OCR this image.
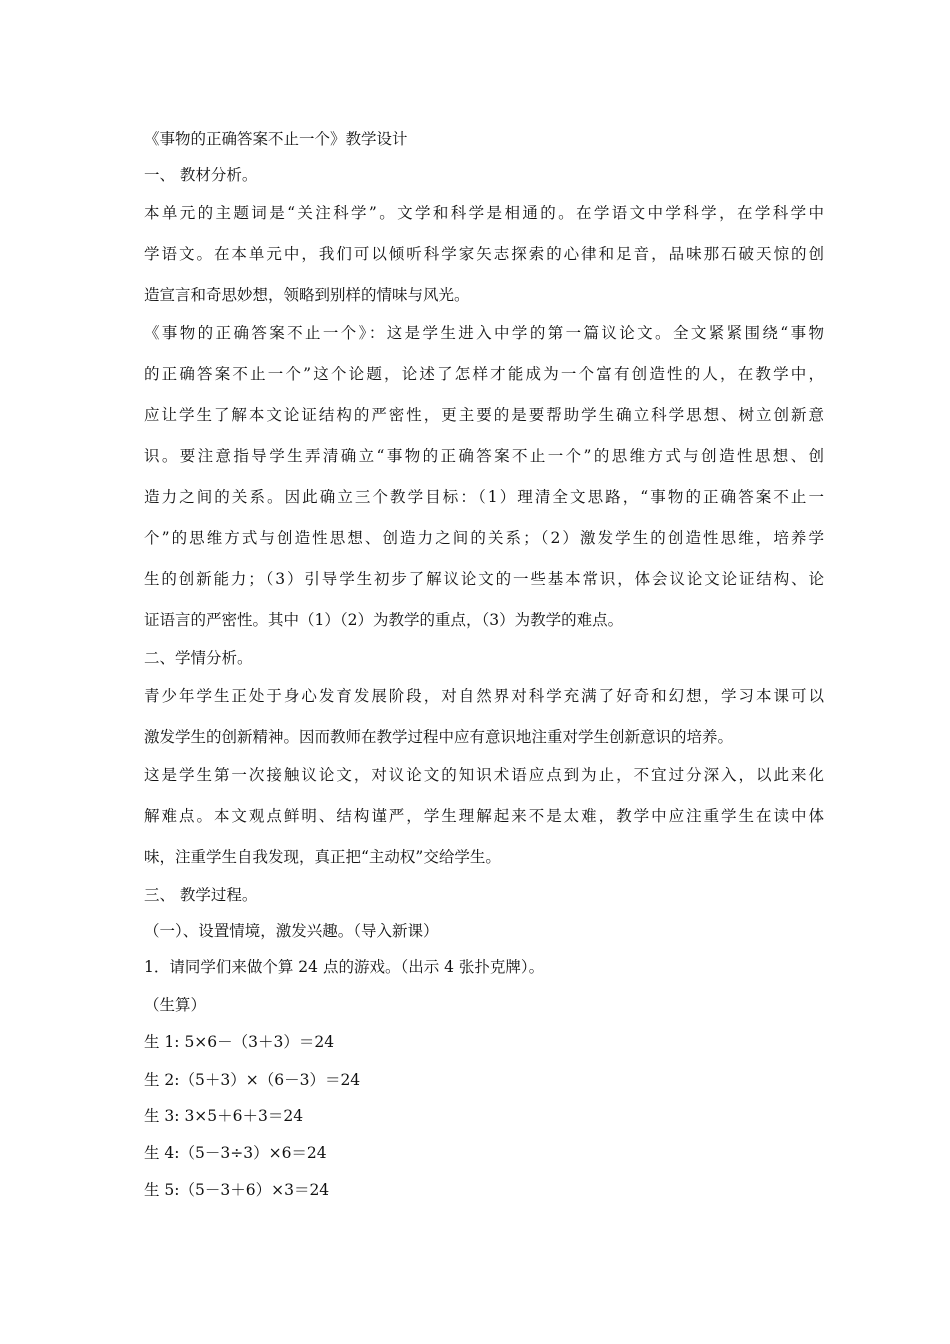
《事物的正确答案不止一个》教学设计
一、 教材分析。
本单元的主题词是“关注科学”。文学和科学是相通的。在学语文中学科学，在学科学中
学语文。在本单元中，我们可以倾听科学家矢志探索的心律和足音，品味那石破天惊的创
造宣言和奇思妙想，领略到别样的情味与风光。
《事物的正确答案不止一个》：这是学生进入中学的第一篇议论文。全文紧紧围绕“事物
的正确答案不止一个”这个论题，论述了怎样才能成为一个富有创造性的人，在教学中，
应让学生了解本文论证结构的严密性，更主要的是要帮助学生确立科学思想、树立创新意
识。要注意指导学生弄清确立“事物的正确答案不止一个”的思维方式与创造性思想、创
造力之间的关系。因此确立三个教学目标：（1）理清全文思路，“事物的正确答案不止一
个”的思维方式与创造性思想、创造力之间的关系；（2）激发学生的创造性思维，培养学
生的创新能力；（3）引导学生初步了解议论文的一些基本常识，体会议论文论证结构、论
证语言的严密性。其中（1）（2）为教学的重点，（3）为教学的难点。
二、学情分析。
青少年学生正处于身心发育发展阶段，对自然界对科学充满了好奇和幻想，学习本课可以
激发学生的创新精神。因而教师在教学过程中应有意识地注重对学生创新意识的培养。
这是学生第一次接触议论文，对议论文的知识术语应点到为止，不宜过分深入，以此来化
解难点。本文观点鲜明、结构谨严，学生理解起来不是太难，教学中应注重学生在读中体
味，注重学生自我发现，真正把“主动权”交给学生。
三、 教学过程。
（一）、设置情境，激发兴趣。（导入新课）
1．请同学们来做个算 24 点的游戏。（出示 4 张扑克牌）。
（生算）
生 1: 5×6－（3＋3）＝24
生 2:（5＋3）×（6－3）＝24
生 3: 3×5＋6＋3＝24
生 4:（5－3÷3）×6＝24
生 5:（5－3＋6）×3＝24
